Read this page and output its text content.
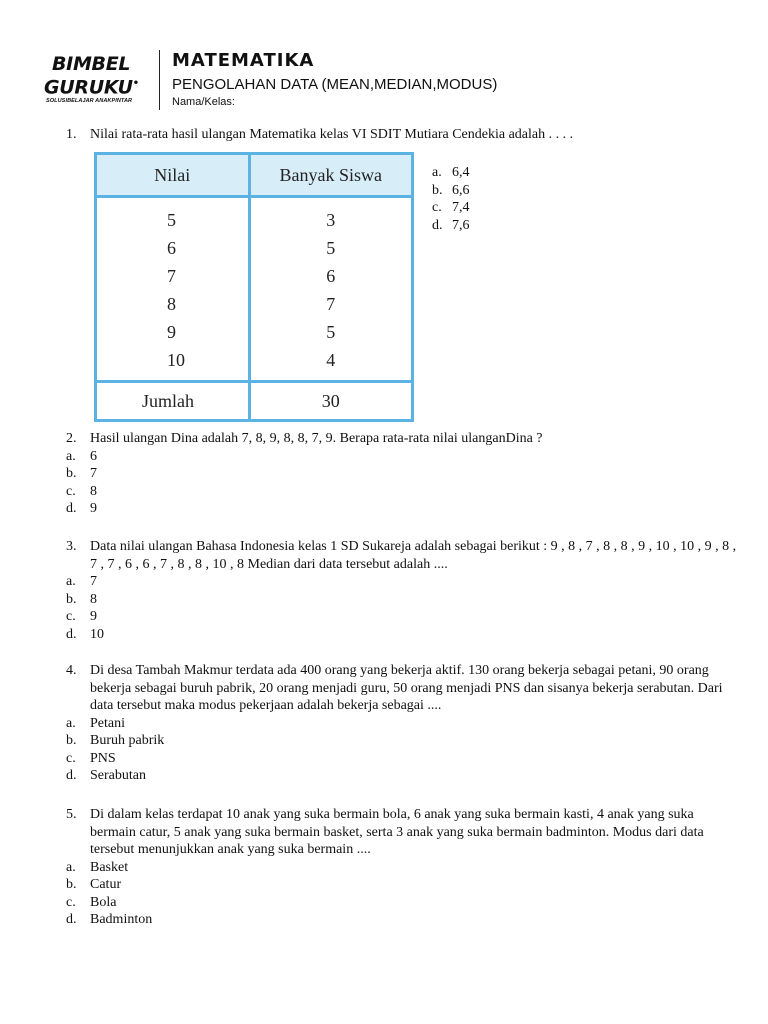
BIMBEL
GURUKU•
SOLUSIBELAJAR ANAKPINTAR
MATEMATIKA
PENGOLAHAN DATA (MEAN,MEDIAN,MODUS)
Nama/Kelas:
1. Nilai rata-rata hasil ulangan Matematika kelas VI SDIT Mutiara Cendekia adalah . . . .
Nilai	Banyak Siswa
5	3
6	5
7	6
8	7
9	5
10	4
Jumlah	30
a. 6,4
b. 6,6
c. 7,4
d. 7,6
2. Hasil ulangan Dina adalah 7, 8, 9, 8, 8, 7, 9. Berapa rata-rata nilai ulanganDina ?
a.	6
b. 7
c.	8
d. 9
3. Data nilai ulangan Bahasa Indonesia kelas 1 SD Sukareja adalah sebagai berikut : 9 , 8 , 7 , 8 , 8 , 9 , 10 , 10 , 9 , 8 , 7 , 7 , 6 , 6 , 7 , 8 , 8 , 10 , 8 Median dari data tersebut adalah ....
a.	7
b. 8
c.	9
d. 10
4. Di desa Tambah Makmur terdata ada 400 orang yang bekerja aktif. 130 orang bekerja sebagai petani, 90 orang bekerja sebagai buruh pabrik, 20 orang menjadi guru, 50 orang menjadi PNS dan sisanya bekerja serabutan. Dari data tersebut maka modus pekerjaan adalah bekerja sebagai ....
a.	Petani
b. Buruh pabrik
c.	PNS
d. Serabutan
5. Di dalam kelas terdapat 10 anak yang suka bermain bola, 6 anak yang suka bermain kasti, 4 anak yang suka bermain catur, 5 anak yang suka bermain basket, serta 3 anak yang suka bermain badminton. Modus dari data tersebut menunjukkan anak yang suka bermain ....
a.	Basket
b. Catur
c.	Bola
d. Badminton
